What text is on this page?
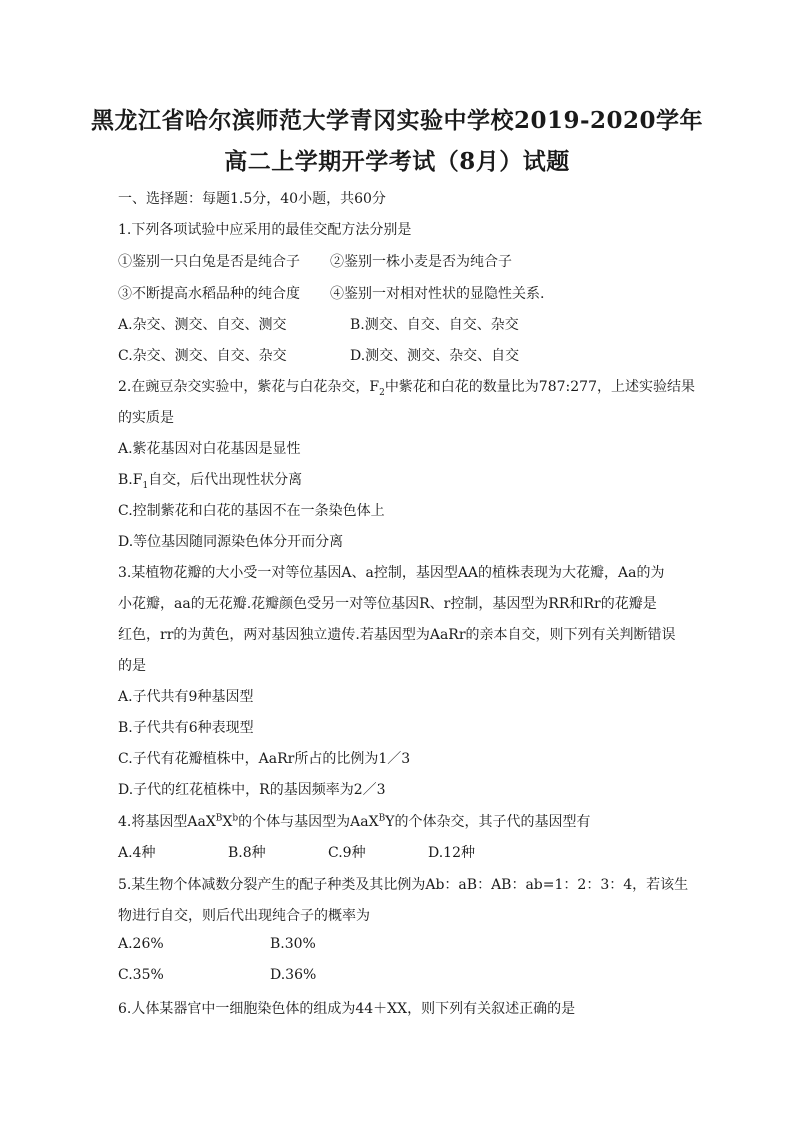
黑龙江省哈尔滨师范大学青冈实验中学校2019-2020学年
高二上学期开学考试（8月）试题
一、选择题：每题1.5分，40小题，共60分
1.下列各项试验中应采用的最佳交配方法分别是
①鉴别一只白兔是否是纯合子 ②鉴别一株小麦是否为纯合子
③不断提高水稻品种的纯合度 ④鉴别一对相对性状的显隐性关系.
A.杂交、测交、自交、测交	B.测交、自交、自交、杂交
C.杂交、测交、自交、杂交	D.测交、测交、杂交、自交
2.在豌豆杂交实验中，紫花与白花杂交，$F_2$中紫花和白花的数量比为787:277，上述实验结果
的实质是
A.紫花基因对白花基因是显性
$B.F_1$自交，后代出现性状分离
C.控制紫花和白花的基因不在一条染色体上
D.等位基因随同源染色体分开而分离
3.某植物花瓣的大小受一对等位基因A、a控制，基因型AA的植株表现为大花瓣，Aa的为
小花瓣，aa的无花瓣.花瓣颜色受另一对等位基因R、r控制，基因型为RR和Rr的花瓣是
红色，rr的为黄色，两对基因独立遗传.若基因型为AaRr的亲本自交，则下列有关判断错误
的是
A.子代共有9种基因型
B.子代共有6种表现型
C.子代有花瓣植株中，AaRr所占的比例为1／3
D.子代的红花植株中，R的基因频率为2／3
4.将基因型$AaX^BX^b$的个体与基因型为AaX$^B$Y的个体杂交，其子代的基因型有
A.4种	B.8种	C.9种	D.12种
5.某生物个体减数分裂产生的配子种类及其比例为Ab：aB：AB：ab=1：2：3：4，若该生
物进行自交，则后代出现纯合子的概率为
A.26%	B.30%
C.35%	D.36%
6.人体某器官中一细胞染色体的组成为44＋XX，则下列有关叙述正确的是
